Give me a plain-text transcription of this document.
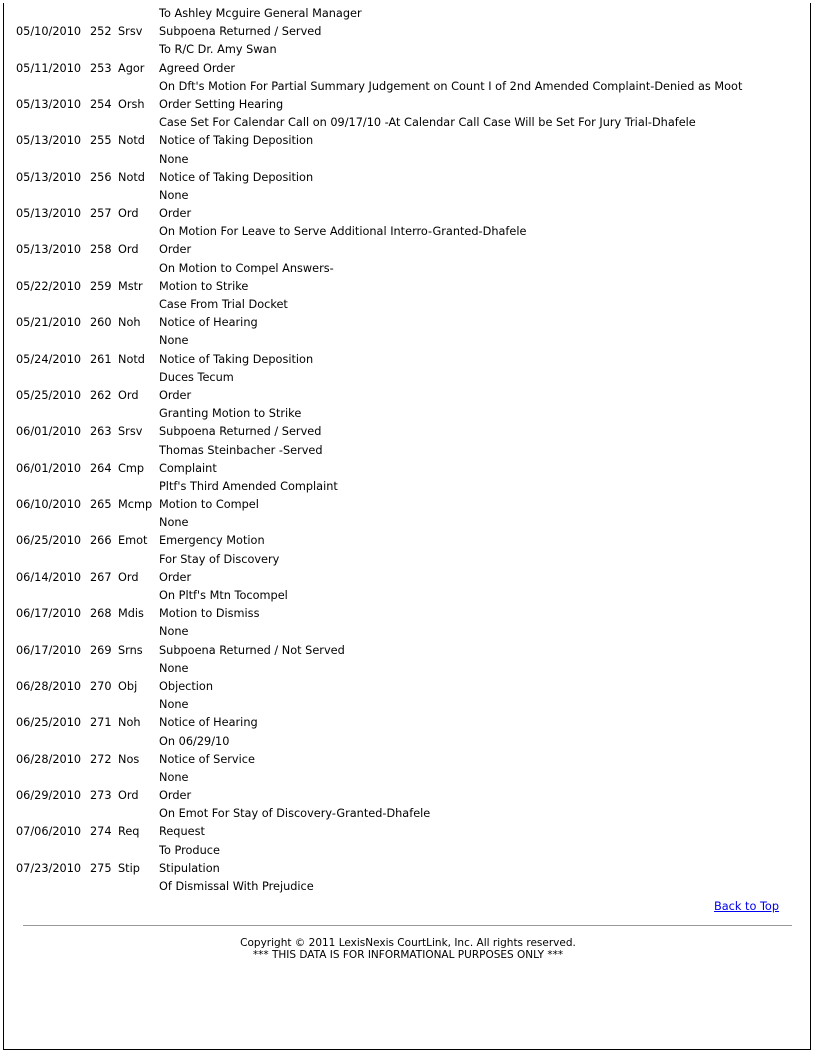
To Ashley Mcguire General Manager
05/10/2010 252 Srsv Subpoena Returned / Served
To R/C Dr. Amy Swan
05/11/2010 253 Agor Agreed Order
On Dft's Motion For Partial Summary Judgement on Count I of 2nd Amended Complaint-Denied as Moot
05/13/2010 254 Orsh Order Setting Hearing
Case Set For Calendar Call on 09/17/10 -At Calendar Call Case Will be Set For Jury Trial-Dhafele
05/13/2010 255 Notd Notice of Taking Deposition
None
05/13/2010 256 Notd Notice of Taking Deposition
None
05/13/2010 257 Ord Order
On Motion For Leave to Serve Additional Interro-Granted-Dhafele
05/13/2010 258 Ord Order
On Motion to Compel Answers-
05/22/2010 259 Mstr Motion to Strike
Case From Trial Docket
05/21/2010 260 Noh Notice of Hearing
None
05/24/2010 261 Notd Notice of Taking Deposition
Duces Tecum
05/25/2010 262 Ord Order
Granting Motion to Strike
06/01/2010 263 Srsv Subpoena Returned / Served
Thomas Steinbacher -Served
06/01/2010 264 Cmp Complaint
Pltf's Third Amended Complaint
06/10/2010 265 Mcmp Motion to Compel
None
06/25/2010 266 Emot Emergency Motion
For Stay of Discovery
06/14/2010 267 Ord Order
On Pltf's Mtn Tocompel
06/17/2010 268 Mdis Motion to Dismiss
None
06/17/2010 269 Srns Subpoena Returned / Not Served
None
06/28/2010 270 Obj Objection
None
06/25/2010 271 Noh Notice of Hearing
On 06/29/10
06/28/2010 272 Nos Notice of Service
None
06/29/2010 273 Ord Order
On Emot For Stay of Discovery-Granted-Dhafele
07/06/2010 274 Req Request
To Produce
07/23/2010 275 Stip Stipulation
Of Dismissal With Prejudice
Back to Top
Copyright © 2011 LexisNexis CourtLink, Inc. All rights reserved.
*** THIS DATA IS FOR INFORMATIONAL PURPOSES ONLY ***
